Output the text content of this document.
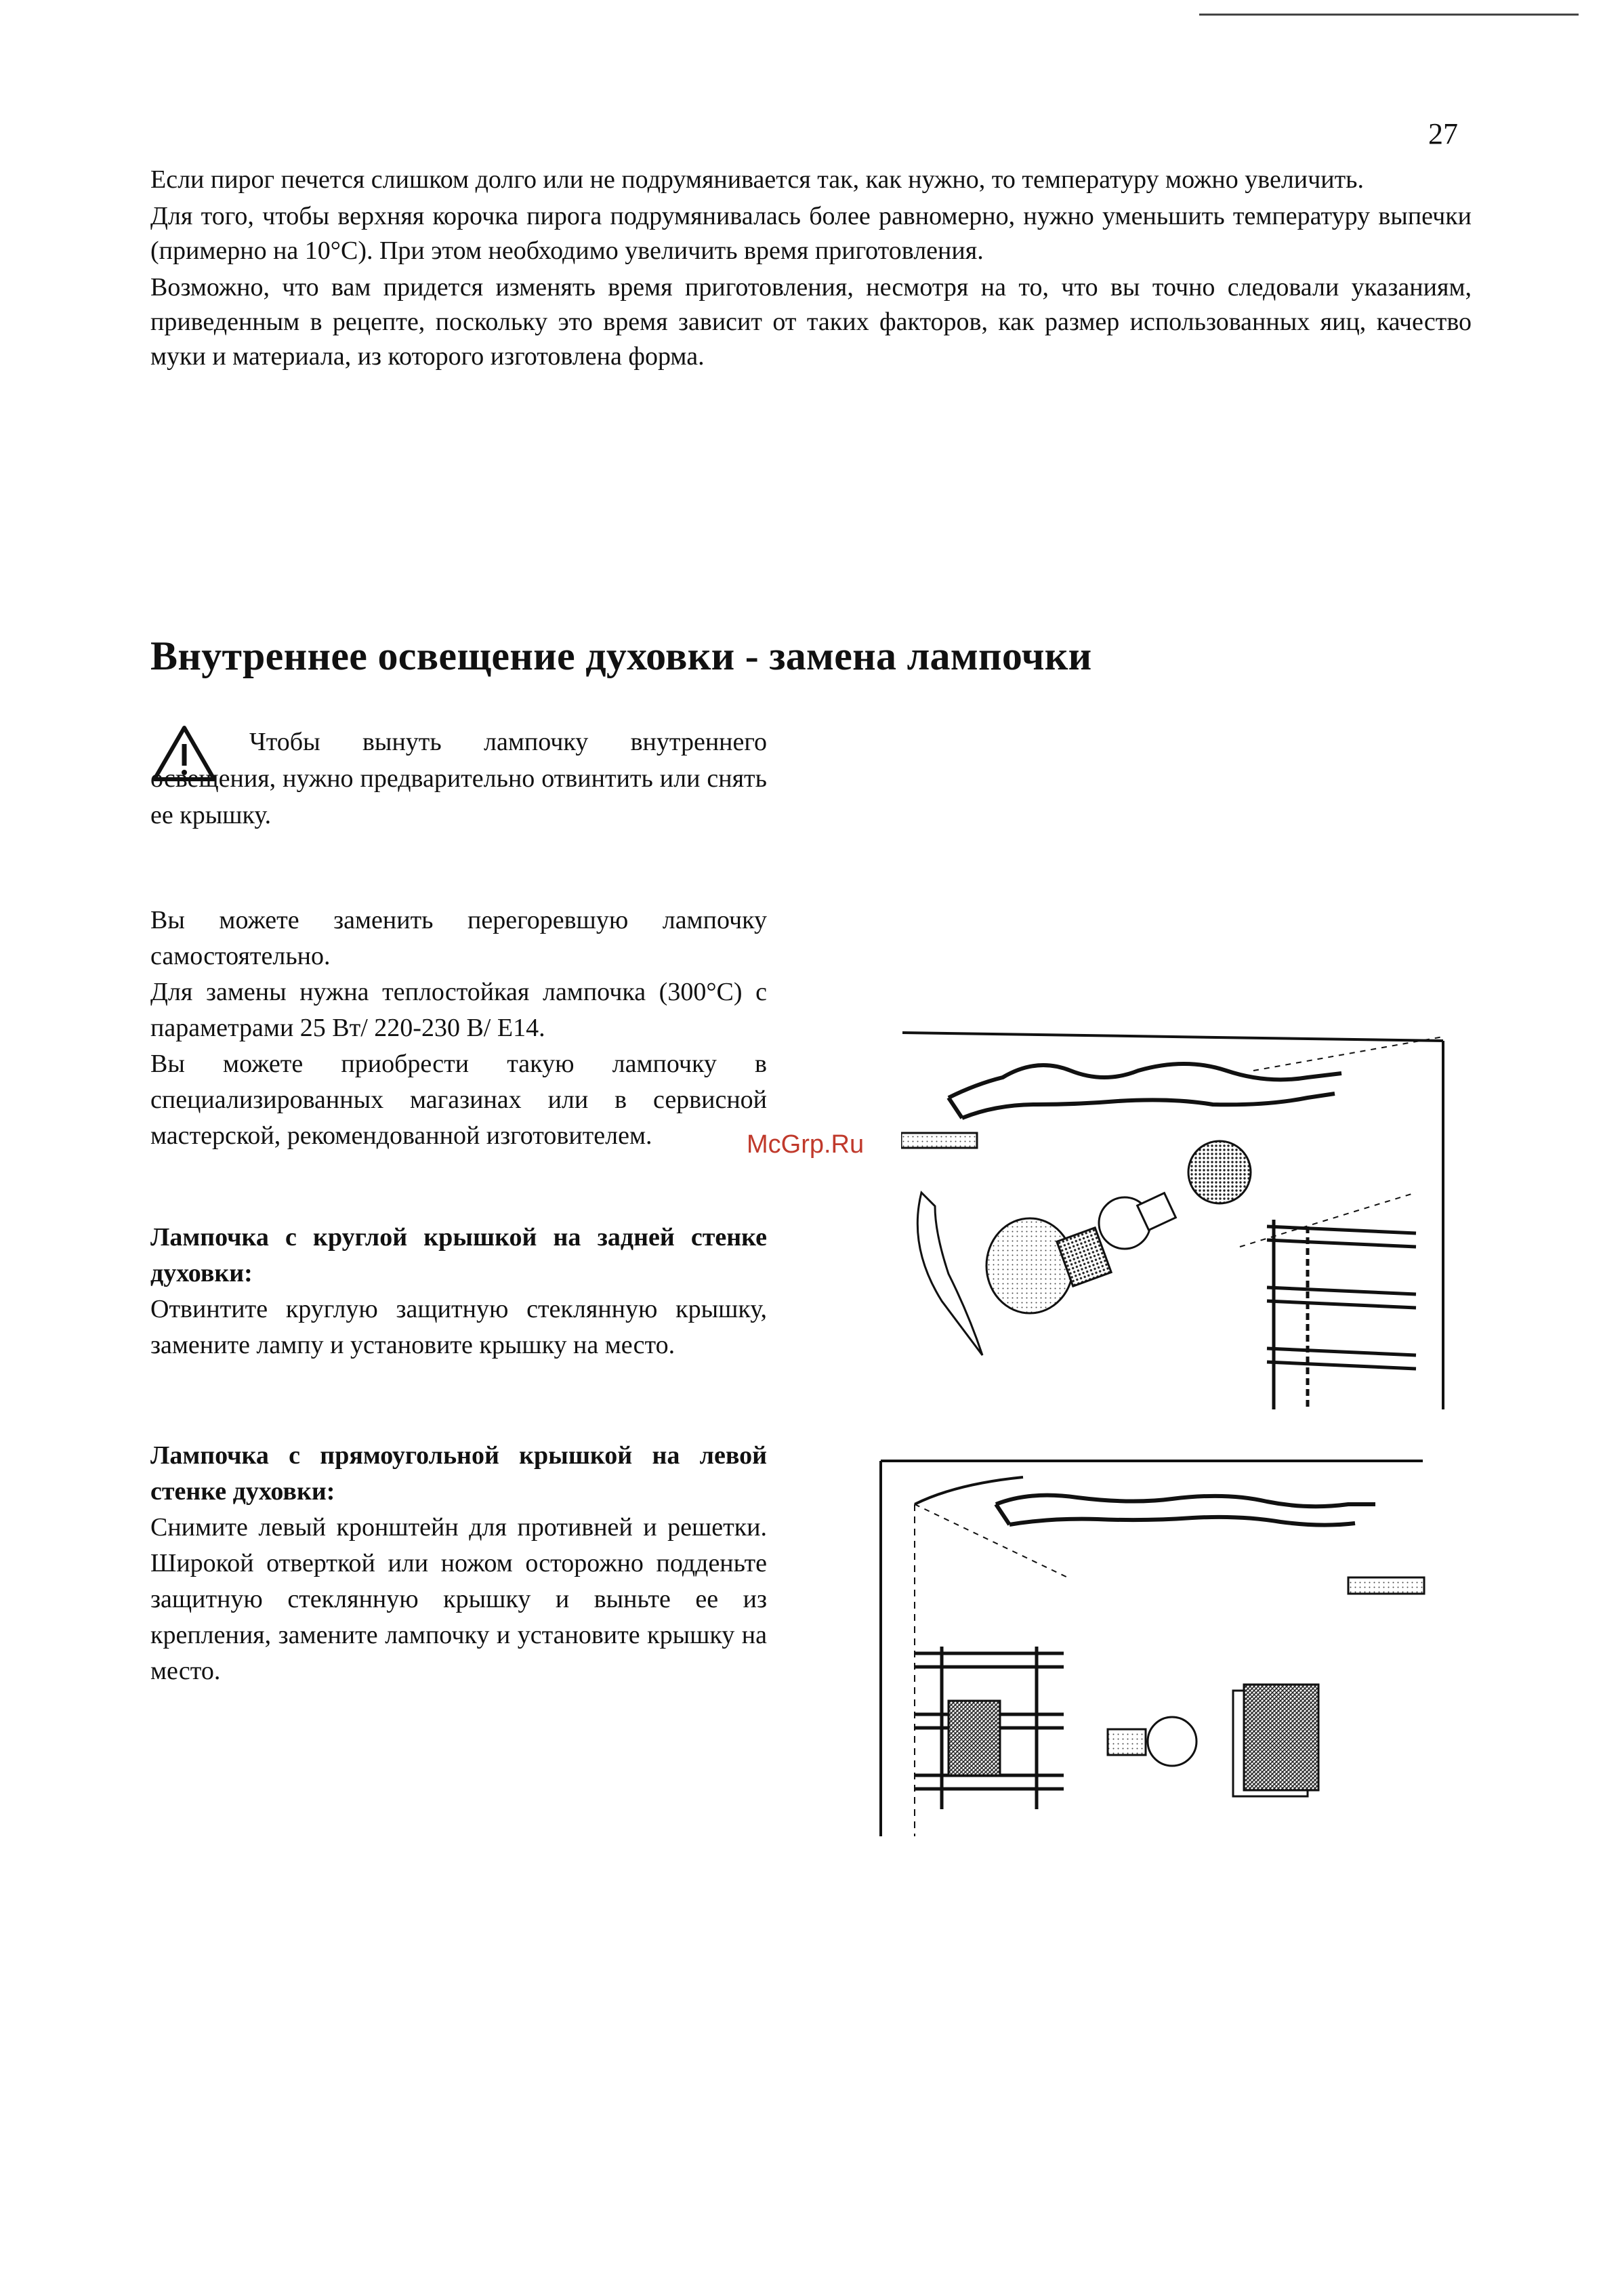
27

Если пирог печется слишком долго или не подрумянивается так, как нужно, то температуру можно увеличить.

Для того, чтобы верхняя корочка пирога подрумянивалась более равномерно, нужно уменьшить температуру выпечки (примерно на 10°С). При этом необходимо увеличить время приготовления.

Возможно, что вам придется изменять время приготовления, несмотря на то, что вы точно следовали указаниям, приведенным в рецепте, поскольку это время зависит от таких факторов, как размер использованных яиц, качество муки и материала, из которого изготовлена форма.

Внутреннее освещение духовки - замена лампочки
Чтобы вынуть лампочку внутреннего освещения, нужно предварительно отвинтить или снять ее крышку.

Вы можете заменить перегоревшую лампочку самостоятельно.

Для замены нужна теплостойкая лампочка (300°С) с параметрами 25 Вт/ 220-230 В/ Е14.

Вы можете приобрести такую лампочку в специализированных магазинах или в сервисной мастерской, рекомендованной изготовителем.

Лампочка с круглой крышкой на задней стенке духовки:

Отвинтите круглую защитную стеклянную крышку, замените лампу и установите крышку на место.

Лампочка с прямоугольной крышкой на левой стенке духовки:

Снимите левый кронштейн для противней и решетки. Широкой отверткой или ножом осторожно подденьте защитную стеклянную крышку и выньте ее из крепления, замените лампочку и установите крышку на место.

McGrp.Ru
